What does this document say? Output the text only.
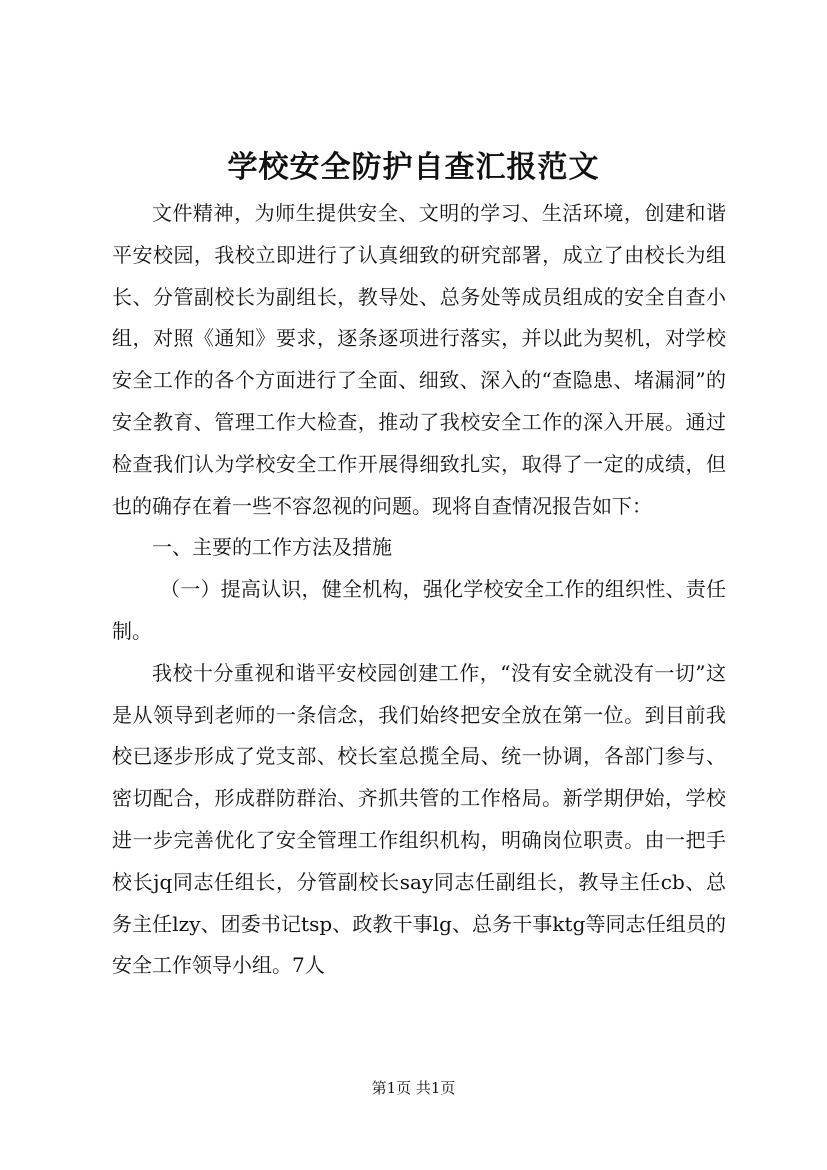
学校安全防护自查汇报范文

文件精神，为师生提供安全、文明的学习、生活环境，创建和谐平安校园，我校立即进行了认真细致的研究部署，成立了由校长为组长、分管副校长为副组长，教导处、总务处等成员组成的安全自查小组，对照《通知》要求，逐条逐项进行落实，并以此为契机，对学校安全工作的各个方面进行了全面、细致、深入的“查隐患、堵漏洞”的安全教育、管理工作大检查，推动了我校安全工作的深入开展。通过检查我们认为学校安全工作开展得细致扎实，取得了一定的成绩，但也的确存在着一些不容忽视的问题。现将自查情况报告如下：

一、主要的工作方法及措施

（一）提高认识，健全机构，强化学校安全工作的组织性、责任制。

我校十分重视和谐平安校园创建工作，“没有安全就没有一切”这是从领导到老师的一条信念，我们始终把安全放在第一位。到目前我校已逐步形成了党支部、校长室总揽全局、统一协调，各部门参与、密切配合，形成群防群治、齐抓共管的工作格局。新学期伊始，学校进一步完善优化了安全管理工作组织机构，明确岗位职责。由一把手校长jq同志任组长，分管副校长say同志任副组长，教导主任cb、总务主任lzy、团委书记tsp、政教干事lg、总务干事ktg等同志任组员的安全工作领导小组。7人

第1页 共1页
